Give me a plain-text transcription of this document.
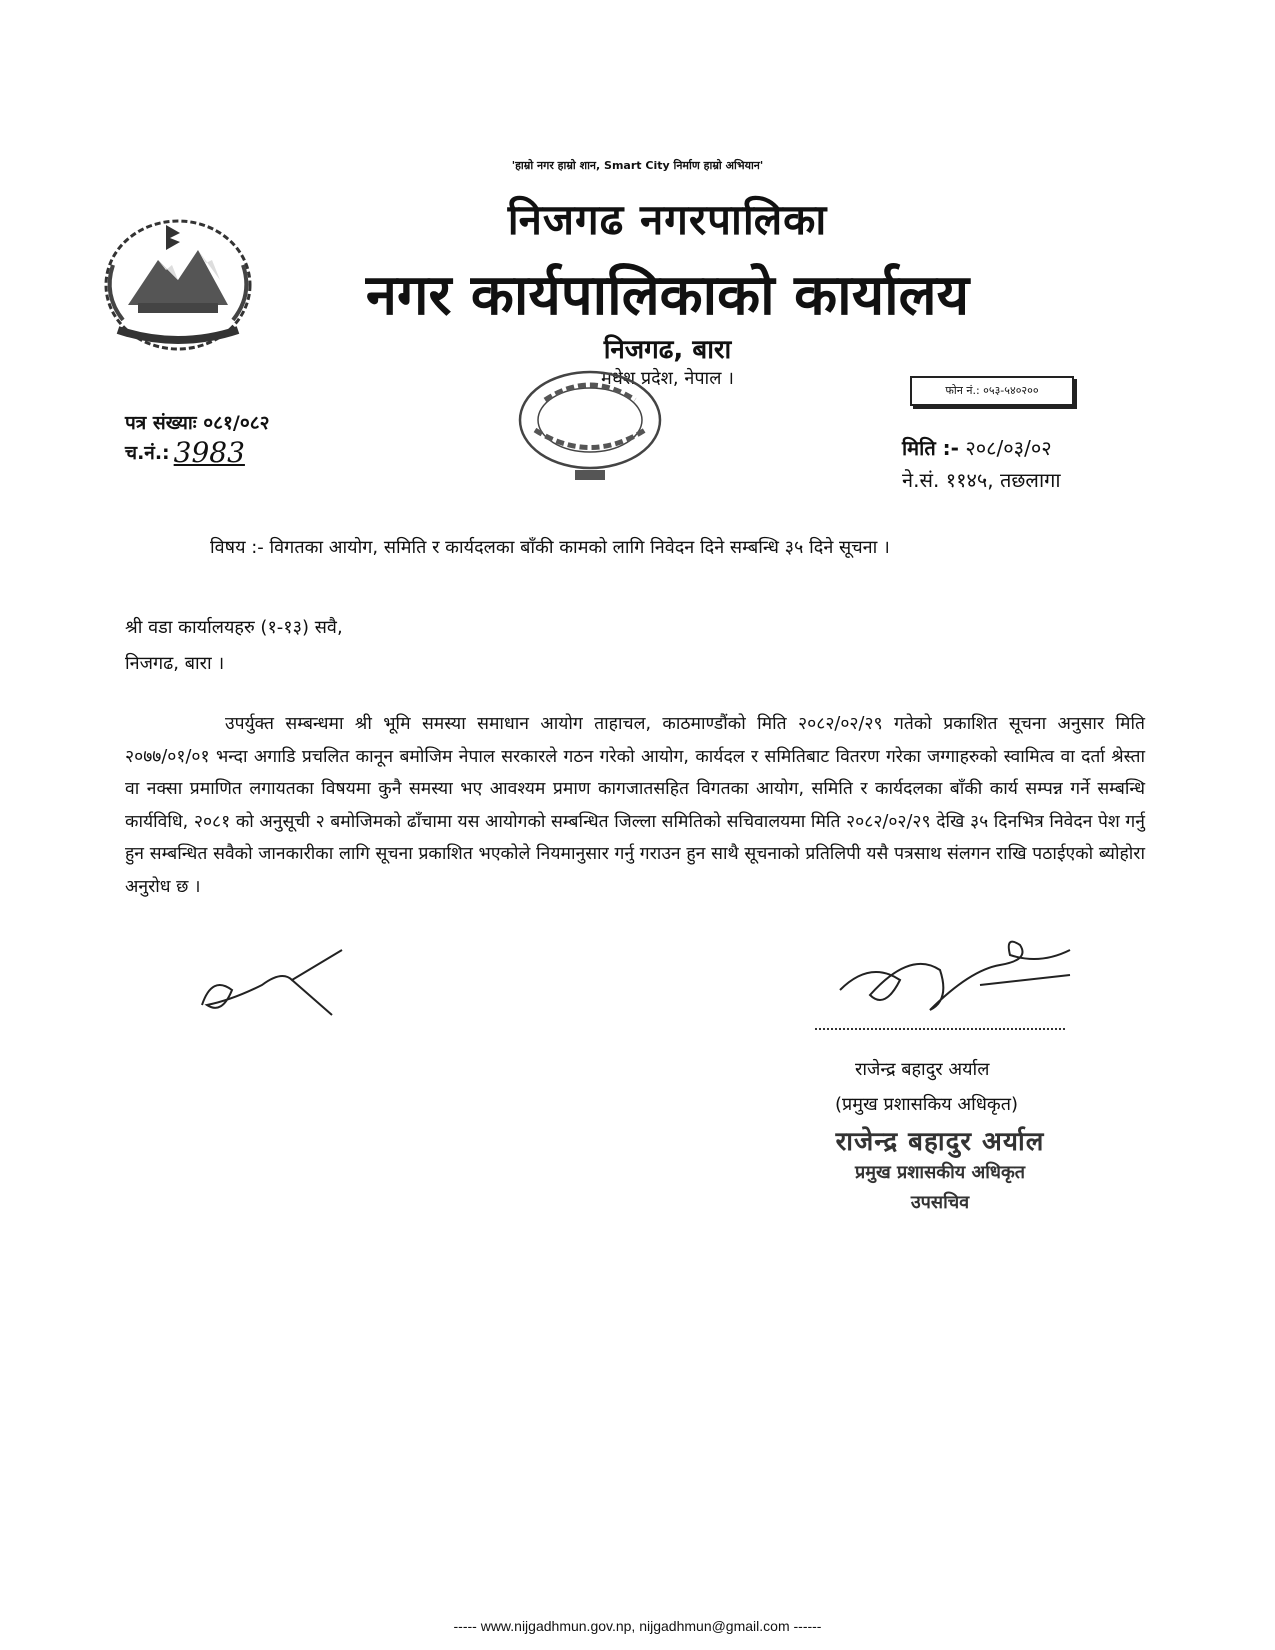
'हाम्रो नगर हाम्रो शान, Smart City निर्माण हाम्रो अभियान'
निजगढ नगरपालिका
नगर कार्यपालिकाको कार्यालय
निजगढ, बारा
मधेश प्रदेश, नेपाल ।
फोन नं.: ०५३-५४०२००
पत्र संख्याः ०८१/०८२
च.नं.: 3983	मिति :- २०८/०३/०२
ने.सं. ११४५, तछलागा
विषय :- विगतका आयोग, समिति र कार्यदलका बाँकी कामको लागि निवेदन दिने सम्बन्धि ३५ दिने सूचना ।
श्री वडा कार्यालयहरु (१-१३) सवै,
निजगढ, बारा ।

उपर्युक्त सम्बन्धमा श्री भूमि समस्या समाधान आयोग ताहाचल, काठमाण्डौंको मिति २०८२/०२/२९ गतेको प्रकाशित सूचना अनुसार मिति २०७७/०१/०१ भन्दा अगाडि प्रचलित कानून बमोजिम नेपाल सरकारले गठन गरेको आयोग, कार्यदल र समितिबाट वितरण गरेका जग्गाहरुको स्वामित्व वा दर्ता श्रेस्ता वा नक्सा प्रमाणित लगायतका विषयमा कुनै समस्या भए आवश्यम प्रमाण कागजातसहित विगतका आयोग, समिति र कार्यदलका बाँकी कार्य सम्पन्न गर्ने सम्बन्धि कार्यविधि, २०८१ को अनुसूची २ बमोजिमको ढाँचामा यस आयोगको सम्बन्धित जिल्ला समितिको सचिवालयमा मिति २०८२/०२/२९ देखि ३५ दिनभित्र निवेदन पेश गर्नु हुन सम्बन्धित सवैको जानकारीका लागि सूचना प्रकाशित भएकोले नियमानुसार गर्नु गराउन हुन साथै सूचनाको प्रतिलिपी यसै पत्रसाथ संलगन राखि पठाईएको ब्योहोरा अनुरोध छ ।

राजेन्द्र बहादुर अर्याल
(प्रमुख प्रशासकिय अधिकृत)
राजेन्द्र बहादुर अर्याल
प्रमुख प्रशासकीय अधिकृत
उपसचिव
----- www.nijgadhmun.gov.np, nijgadhmun@gmail.com ------
